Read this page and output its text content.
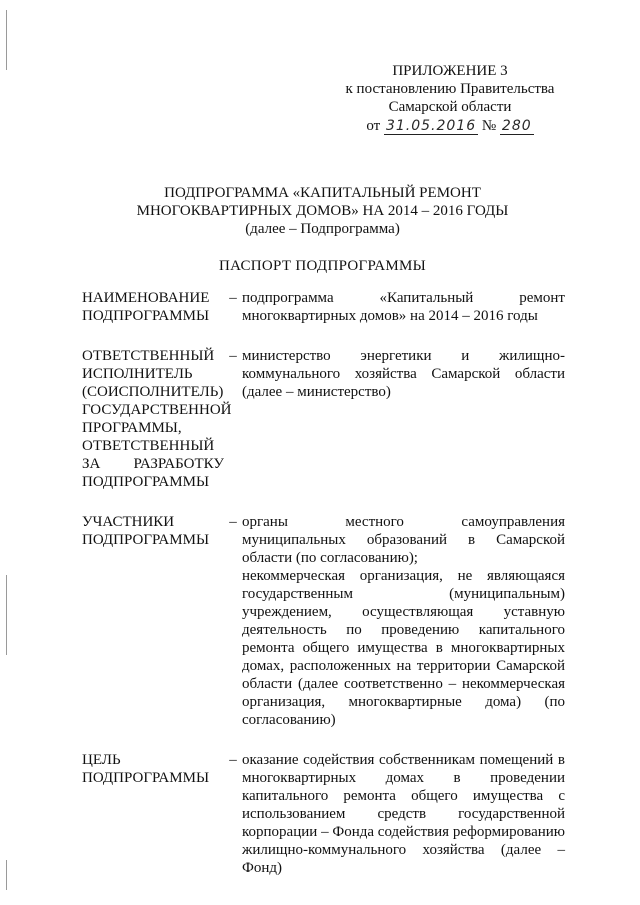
ПРИЛОЖЕНИЕ 3
к постановлению Правительства
Самарской области
от 31.05.2016 № 280
ПОДПРОГРАММА «КАПИТАЛЬНЫЙ РЕМОНТ
МНОГОКВАРТИРНЫХ ДОМОВ» НА 2014 – 2016 ГОДЫ
(далее – Подпрограмма)
ПАСПОРТ ПОДПРОГРАММЫ
НАИМЕНОВАНИЕ ПОДПРОГРАММЫ
– подпрограмма «Капитальный ремонт многоквартирных домов» на 2014 – 2016 годы
ОТВЕТСТВЕННЫЙ ИСПОЛНИТЕЛЬ (СОИСПОЛНИТЕЛЬ) ГОСУДАРСТВЕННОЙ ПРОГРАММЫ, ОТВЕТСТВЕННЫЙ ЗА РАЗРАБОТКУ ПОДПРОГРАММЫ
– министерство энергетики и жилищно-коммунального хозяйства Самарской области (далее – министерство)
УЧАСТНИКИ ПОДПРОГРАММЫ
– органы местного самоуправления муниципальных образований в Самарской области (по согласованию);
некоммерческая организация, не являющаяся государственным (муниципальным) учреждением, осуществляющая уставную деятельность по проведению капитального ремонта общего имущества в многоквартирных домах, расположенных на территории Самарской области (далее соответственно – некоммерческая организация, многоквартирные дома) (по согласованию)
ЦЕЛЬ ПОДПРОГРАММЫ
– оказание содействия собственникам помещений в многоквартирных домах в проведении капитального ремонта общего имущества с использованием средств государственной корпорации – Фонда содействия реформированию жилищно-коммунального хозяйства (далее – Фонд)
